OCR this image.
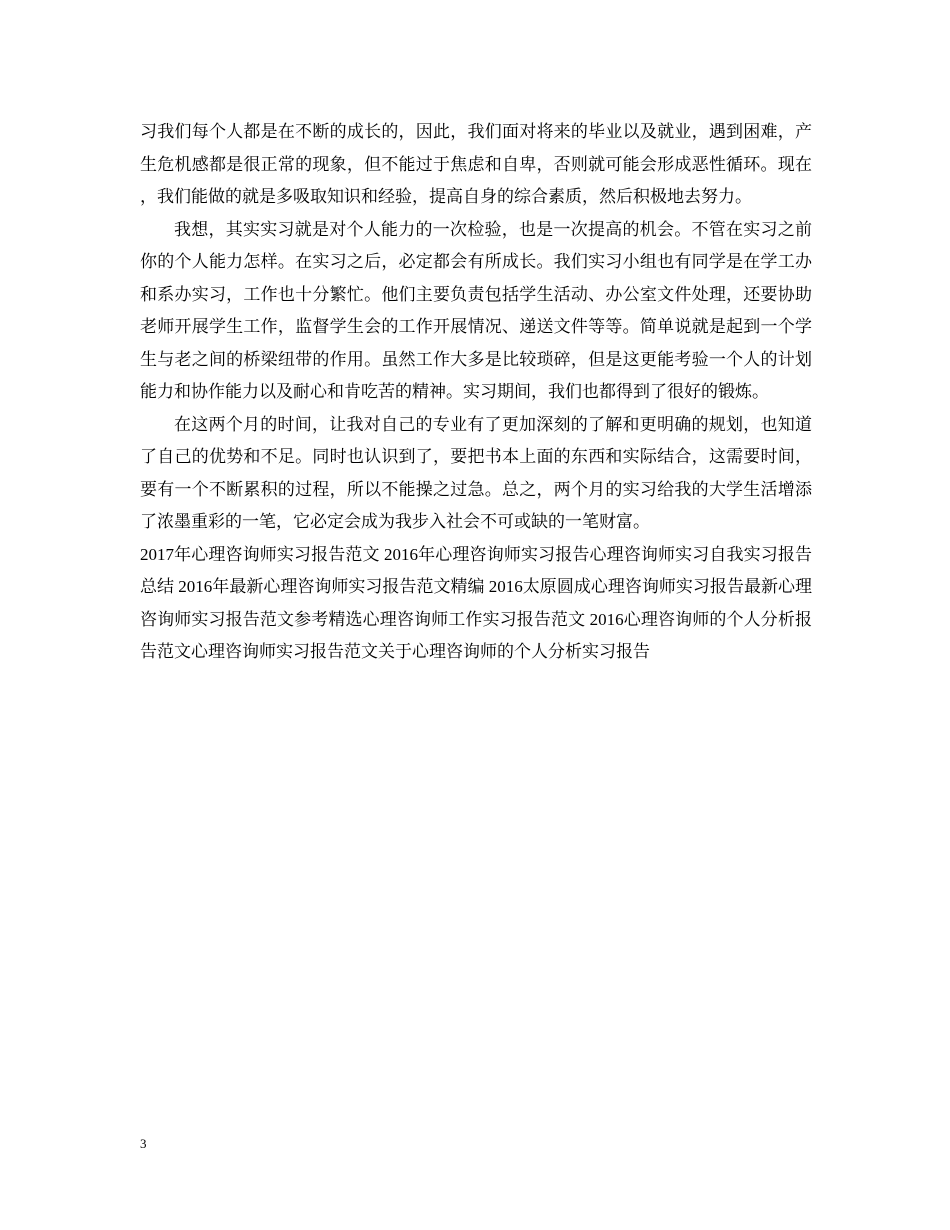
习我们每个人都是在不断的成长的，因此，我们面对将来的毕业以及就业，遇到困难，产生危机感都是很正常的现象，但不能过于焦虑和自卑，否则就可能会形成恶性循环。现在，我们能做的就是多吸取知识和经验，提高自身的综合素质，然后积极地去努力。

我想，其实实习就是对个人能力的一次检验，也是一次提高的机会。不管在实习之前你的个人能力怎样。在实习之后，必定都会有所成长。我们实习小组也有同学是在学工办和系办实习，工作也十分繁忙。他们主要负责包括学生活动、办公室文件处理，还要协助老师开展学生工作，监督学生会的工作开展情况、递送文件等等。简单说就是起到一个学生与老之间的桥梁纽带的作用。虽然工作大多是比较琐碎，但是这更能考验一个人的计划能力和协作能力以及耐心和肯吃苦的精神。实习期间，我们也都得到了很好的锻炼。

在这两个月的时间，让我对自己的专业有了更加深刻的了解和更明确的规划，也知道了自己的优势和不足。同时也认识到了，要把书本上面的东西和实际结合，这需要时间，要有一个不断累积的过程，所以不能操之过急。总之，两个月的实习给我的大学生活增添了浓墨重彩的一笔，它必定会成为我步入社会不可或缺的一笔财富。

2017年心理咨询师实习报告范文 2016年心理咨询师实习报告心理咨询师实习自我实习报告总结 2016年最新心理咨询师实习报告范文精编 2016太原圆成心理咨询师实习报告最新心理咨询师实习报告范文参考精选心理咨询师工作实习报告范文 2016心理咨询师的个人分析报告范文心理咨询师实习报告范文关于心理咨询师的个人分析实习报告

3
